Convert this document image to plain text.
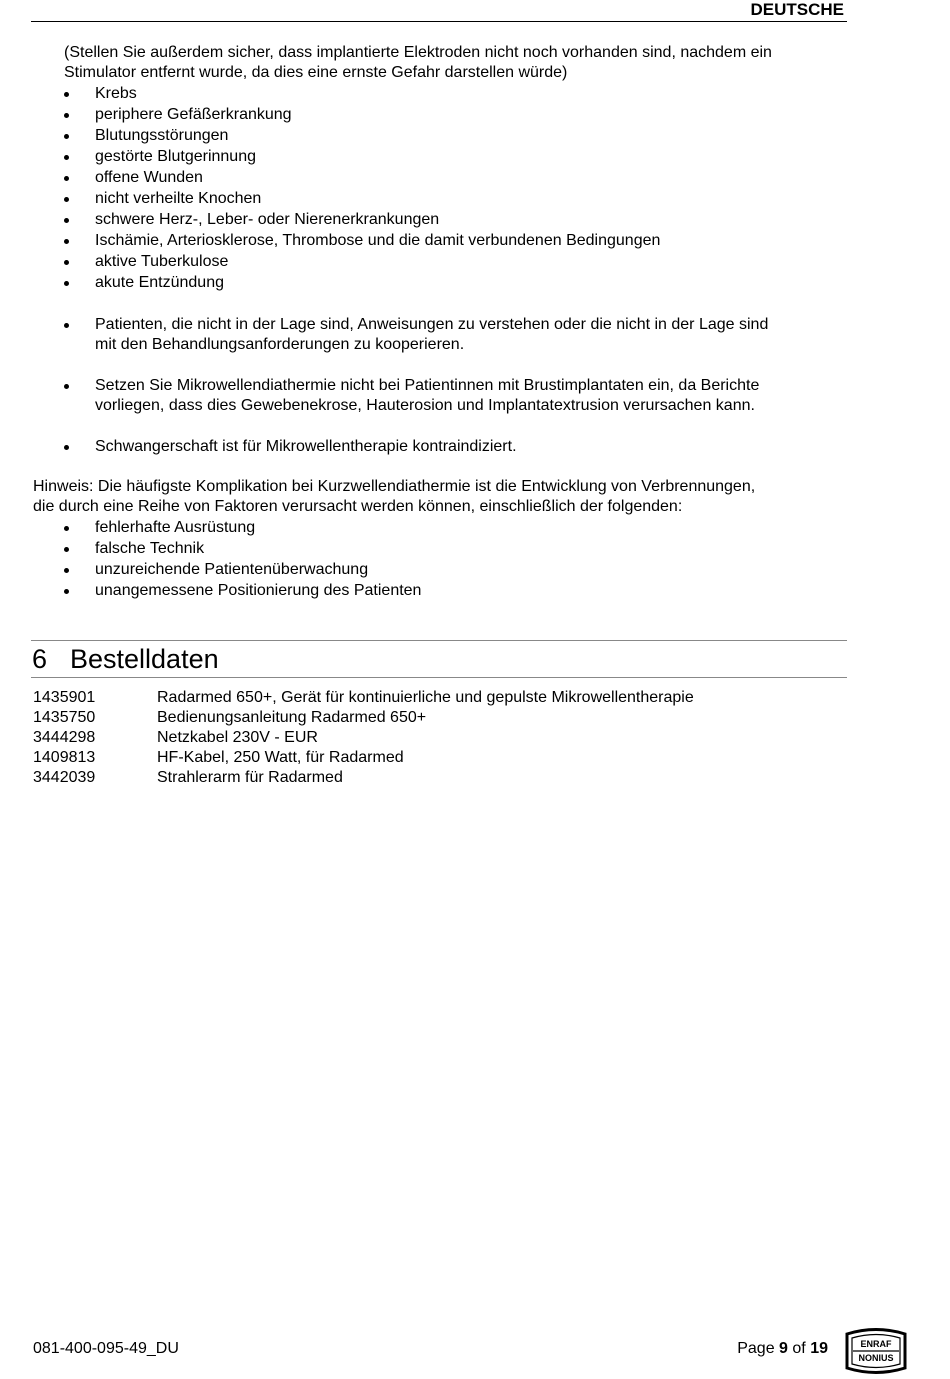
DEUTSCHE
(Stellen Sie außerdem sicher, dass implantierte Elektroden nicht noch vorhanden sind, nachdem ein
Stimulator entfernt wurde, da dies eine ernste Gefahr darstellen würde)
Krebs
periphere Gefäßerkrankung
Blutungsstörungen
gestörte Blutgerinnung
offene Wunden
nicht verheilte Knochen
schwere Herz-, Leber- oder Nierenerkrankungen
Ischämie, Arteriosklerose, Thrombose und die damit verbundenen Bedingungen
aktive Tuberkulose
akute Entzündung
Patienten, die nicht in der Lage sind, Anweisungen zu verstehen oder die nicht in der Lage sind
mit den Behandlungsanforderungen zu kooperieren.
Setzen Sie Mikrowellendiathermie nicht bei Patientinnen mit Brustimplantaten ein, da Berichte
vorliegen, dass dies Gewebenekrose, Hauterosion und Implantatextrusion verursachen kann.
Schwangerschaft ist für Mikrowellentherapie kontraindiziert.
Hinweis: Die häufigste Komplikation bei Kurzwellendiathermie ist die Entwicklung von Verbrennungen,
die durch eine Reihe von Faktoren verursacht werden können, einschließlich der folgenden:
fehlerhafte Ausrüstung
falsche Technik
unzureichende Patientenüberwachung
unangemessene Positionierung des Patienten
6 Bestelldaten
1435901	Radarmed 650+, Gerät für kontinuierliche und gepulste Mikrowellentherapie
1435750	Bedienungsanleitung Radarmed 650+
3444298	Netzkabel 230V - EUR
1409813	HF-Kabel, 250 Watt, für Radarmed
3442039	Strahlerarm für Radarmed
081-400-095-49_DU	Page 9 of 19	ENRAF
NONIUS
